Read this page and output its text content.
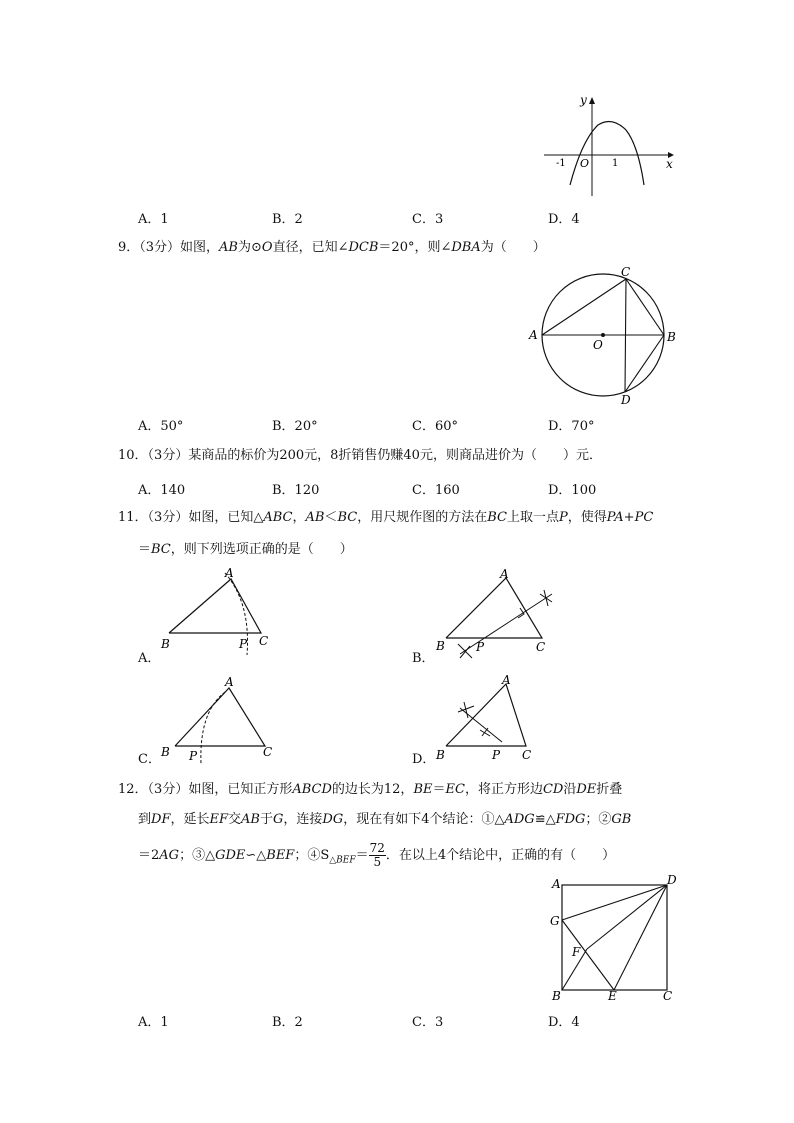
y
x
O
-1	1
A．1	B．2	C．3	D．4
9．（3分）如图，AB为⊙O直径，已知∠DCB＝20°，则∠DBA为（　　）
A	B
C
D
O
A．50°	B．20°	C．60°	D．70°
10．（3分）某商品的标价为200元，8折销售仍赚40元，则商品进价为（　　）元．
A．140	B．120	C．160	D．100
11．（3分）如图，已知△ABC，AB＜BC，用尺规作图的方法在BC上取一点P，使得PA+PC
＝BC，则下列选项正确的是（　　）
A．
A
B	C
P
B．
A
B	C
P
C．
A
B	C
P	D．
A
B	C
P
12．（3分）如图，已知正方形ABCD的边长为12，BE＝EC，将正方形边CD沿DE折叠
到DF，延长EF交AB于G，连接DG，现在有如下4个结论：①△ADG≌△FDG；②GB
＝2AG；③△GDE∽△BEF；$④S_{\triangle BEF}= \frac{72}{5}$ ．在以上4个结论中，正确的有（　　）
A	D
G
F
B	E	C
A．1	B．2	C．3	D．4
